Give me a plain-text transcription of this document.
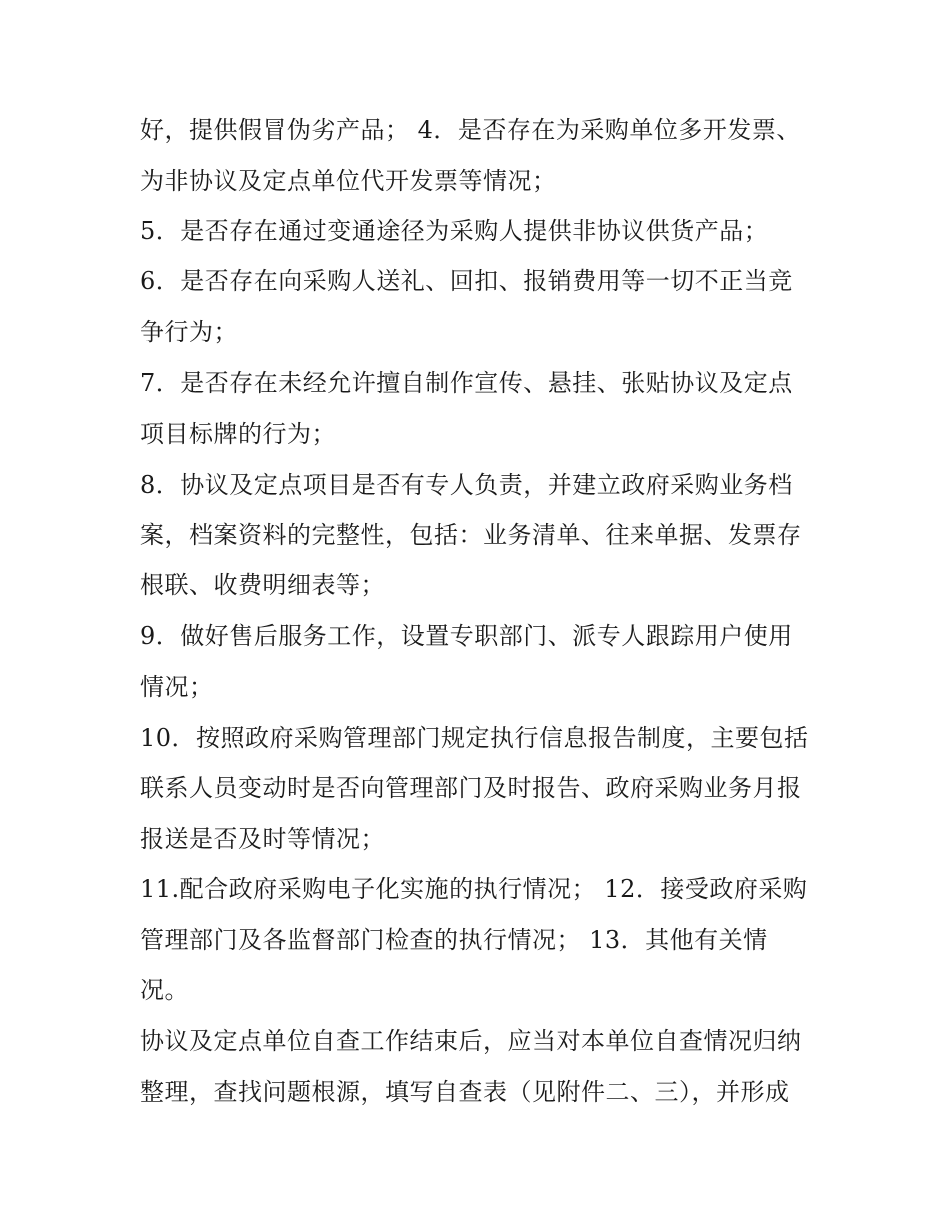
好，提供假冒伪劣产品； 4．是否存在为采购单位多开发票、
为非协议及定点单位代开发票等情况；
5．是否存在通过变通途径为采购人提供非协议供货产品；
6．是否存在向采购人送礼、回扣、报销费用等一切不正当竞
争行为；
7．是否存在未经允许擅自制作宣传、悬挂、张贴协议及定点
项目标牌的行为；
8．协议及定点项目是否有专人负责，并建立政府采购业务档
案，档案资料的完整性，包括：业务清单、往来单据、发票存
根联、收费明细表等；
9．做好售后服务工作，设置专职部门、派专人跟踪用户使用
情况；
10．按照政府采购管理部门规定执行信息报告制度，主要包括
联系人员变动时是否向管理部门及时报告、政府采购业务月报
报送是否及时等情况；
11.配合政府采购电子化实施的执行情况； 12．接受政府采购
管理部门及各监督部门检查的执行情况； 13．其他有关情
况。
协议及定点单位自查工作结束后，应当对本单位自查情况归纳
整理，查找问题根源，填写自查表（见附件二、三），并形成
